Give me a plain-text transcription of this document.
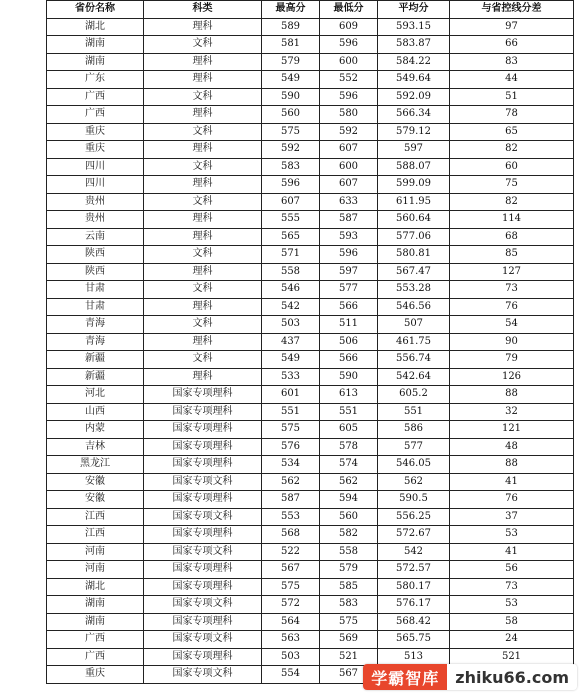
省份名称	科类	最高分	最低分	平均分	与省控线分差
湖北	理科	589	609	593.15	97
湖南	文科	581	596	583.87	66
湖南	理科	579	600	584.22	83
广东	理科	549	552	549.64	44
广西	文科	590	596	592.09	51
广西	理科	560	580	566.34	78
重庆	文科	575	592	579.12	65
重庆	理科	592	607	597	82
四川	文科	583	600	588.07	60
四川	理科	596	607	599.09	75
贵州	文科	607	633	611.95	82
贵州	理科	555	587	560.64	114
云南	理科	565	593	577.06	68
陕西	文科	571	596	580.81	85
陕西	理科	558	597	567.47	127
甘肃	文科	546	577	553.28	73
甘肃	理科	542	566	546.56	76
青海	文科	503	511	507	54
青海	理科	437	506	461.75	90
新疆	文科	549	566	556.74	79
新疆	理科	533	590	542.64	126
河北	国家专项理科	601	613	605.2	88
山西	国家专项理科	551	551	551	32
内蒙	国家专项理科	575	605	586	121
吉林	国家专项理科	576	578	577	48
黑龙江	国家专项理科	534	574	546.05	88
安徽	国家专项文科	562	562	562	41
安徽	国家专项理科	587	594	590.5	76
江西	国家专项文科	553	560	556.25	37
江西	国家专项理科	568	582	572.67	53
河南	国家专项文科	522	558	542	41
河南	国家专项理科	567	579	572.57	56
湖北	国家专项理科	575	585	580.17	73
湖南	国家专项文科	572	583	576.17	53
湖南	国家专项理科	564	575	568.42	58
广西	国家专项文科	563	569	565.75	24
广西	国家专项理科	503	521	513	521
重庆	国家专项文科	554	567		学霸智库	zhiku66.com
